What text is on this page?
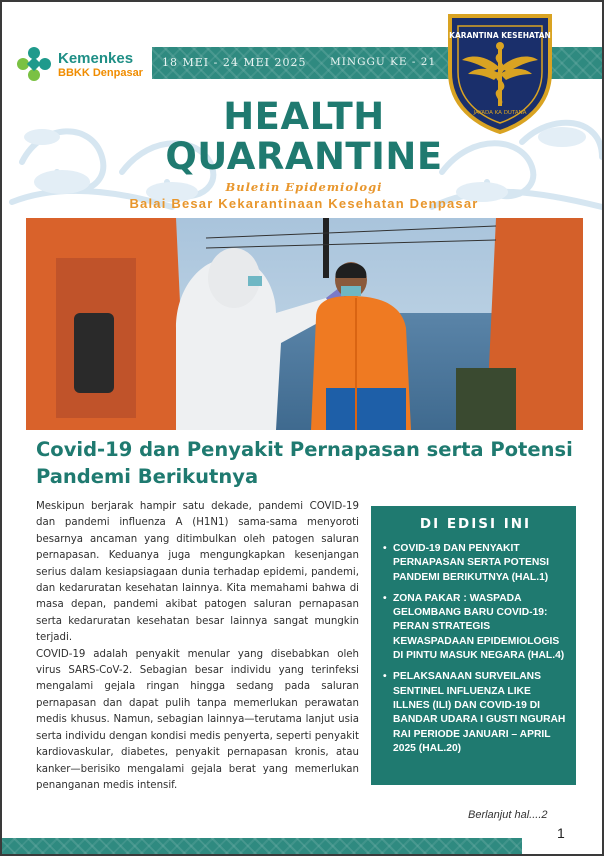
18 MEI - 24 MEI 2025 MINGGU KE - 21
Kemenkes
BBKK Denpasar
KARANTINA KESEHATAN
JAYADA KA DUTANA
HEALTH
QUARANTINE
Buletin Epidemiologi
Balai Besar Kekarantinaan Kesehatan Denpasar
Covid-19 dan Penyakit Pernapasan serta Potensi Pandemi Berikutnya

Meskipun berjarak hampir satu dekade, pandemi COVID-19 dan pandemi influenza A (H1N1) sama-sama menyoroti besarnya ancaman yang ditimbulkan oleh patogen saluran pernapasan. Keduanya juga mengungkapkan kesenjangan serius dalam kesiapsiagaan dunia terhadap epidemi, pandemi, dan kedaruratan kesehatan lainnya. Kita memahami bahwa di masa depan, pandemi akibat patogen saluran pernapasan serta kedaruratan kesehatan besar lainnya sangat mungkin terjadi.

COVID-19 adalah penyakit menular yang disebabkan oleh virus SARS-CoV-2. Sebagian besar individu yang terinfeksi mengalami gejala ringan hingga sedang pada saluran pernapasan dan dapat pulih tanpa memerlukan perawatan medis khusus. Namun, sebagian lainnya—terutama lanjut usia serta individu dengan kondisi medis penyerta, seperti penyakit kardiovaskular, diabetes, penyakit pernapasan kronis, atau kanker—berisiko mengalami gejala berat yang memerlukan penanganan medis intensif.

DI EDISI INI
• COVID-19 DAN PENYAKIT PERNAPASAN SERTA POTENSI PANDEMI BERIKUTNYA (HAL.1)
• ZONA PAKAR : WASPADA GELOMBANG BARU COVID-19: PERAN STRATEGIS KEWASPADAAN EPIDEMIOLOGIS DI PINTU MASUK NEGARA (HAL.4)
• PELAKSANAAN SURVEILANS SENTINEL INFLUENZA LIKE ILLNES (ILI) DAN COVID-19 DI BANDAR UDARA I GUSTI NGURAH RAI PERIODE JANUARI – APRIL 2025 (HAL.20)
Berlanjut hal....2
1
